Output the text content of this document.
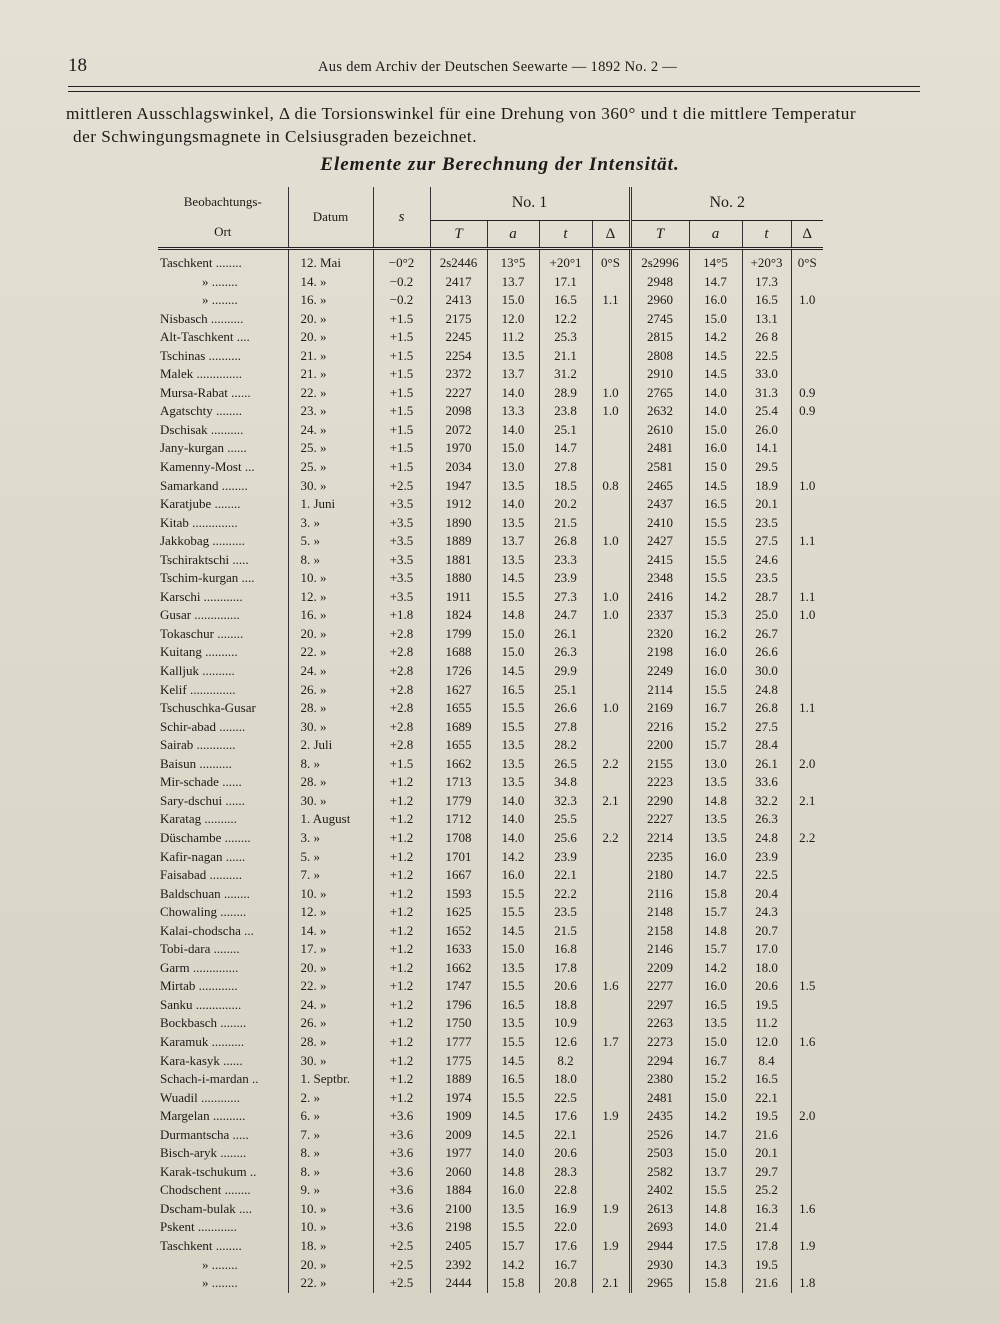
18	Aus dem Archiv der Deutschen Seewarte — 1892 No. 2 —

mittleren Ausschlagswinkel, Δ die Torsionswinkel für eine Drehung von 360° und t die mittlere Temperatur

der Schwingungsmagnete in Celsiusgraden bezeichnet.

Elemente zur Berechnung der Intensität.
Beobachtungs-
Ort	Datum	s	No. 1				No. 2			
			T	a	t	Δ	T	a	t	Δ
Taschkent ........	12. Mai	−0°2	2s2446	13°5	+20°1	0°S	2s2996	14°5	+20°3	0°S
» ........	14. »	−0.2	2417	13.7	17.1		2948	14.7	17.3	
» ........	16. »	−0.2	2413	15.0	16.5	1.1	2960	16.0	16.5	1.0
Nisbasch ..........	20. »	+1.5	2175	12.0	12.2		2745	15.0	13.1	
Alt-Taschkent ....	20. »	+1.5	2245	11.2	25.3		2815	14.2	26 8	
Tschinas ..........	21. »	+1.5	2254	13.5	21.1		2808	14.5	22.5	
Malek ..............	21. »	+1.5	2372	13.7	31.2		2910	14.5	33.0	
Mursa-Rabat ......	22. »	+1.5	2227	14.0	28.9	1.0	2765	14.0	31.3	0.9
Agatschty ........	23. »	+1.5	2098	13.3	23.8	1.0	2632	14.0	25.4	0.9
Dschisak ..........	24. »	+1.5	2072	14.0	25.1		2610	15.0	26.0	
Jany-kurgan ......	25. »	+1.5	1970	15.0	14.7		2481	16.0	14.1	
Kamenny-Most ...	25. »	+1.5	2034	13.0	27.8		2581	15 0	29.5	
Samarkand ........	30. »	+2.5	1947	13.5	18.5	0.8	2465	14.5	18.9	1.0
Karatjube ........	1. Juni	+3.5	1912	14.0	20.2		2437	16.5	20.1	
Kitab ..............	3. »	+3.5	1890	13.5	21.5		2410	15.5	23.5	
Jakkobag ..........	5. »	+3.5	1889	13.7	26.8	1.0	2427	15.5	27.5	1.1
Tschiraktschi .....	8. »	+3.5	1881	13.5	23.3		2415	15.5	24.6	
Tschim-kurgan ....	10. »	+3.5	1880	14.5	23.9		2348	15.5	23.5	
Karschi ............	12. »	+3.5	1911	15.5	27.3	1.0	2416	14.2	28.7	1.1
Gusar ..............	16. »	+1.8	1824	14.8	24.7	1.0	2337	15.3	25.0	1.0
Tokaschur ........	20. »	+2.8	1799	15.0	26.1		2320	16.2	26.7	
Kuitang ..........	22. »	+2.8	1688	15.0	26.3		2198	16.0	26.6	
Kalljuk ..........	24. »	+2.8	1726	14.5	29.9		2249	16.0	30.0	
Kelif ..............	26. »	+2.8	1627	16.5	25.1		2114	15.5	24.8	
Tschuschka-Gusar	28. »	+2.8	1655	15.5	26.6	1.0	2169	16.7	26.8	1.1
Schir-abad ........	30. »	+2.8	1689	15.5	27.8		2216	15.2	27.5	
Sairab ............	2. Juli	+2.8	1655	13.5	28.2		2200	15.7	28.4	
Baisun ..........	8. »	+1.5	1662	13.5	26.5	2.2	2155	13.0	26.1	2.0
Mir-schade ......	28. »	+1.2	1713	13.5	34.8		2223	13.5	33.6	
Sary-dschui ......	30. »	+1.2	1779	14.0	32.3	2.1	2290	14.8	32.2	2.1
Karatag ..........	1. August	+1.2	1712	14.0	25.5		2227	13.5	26.3	
Düschambe ........	3. »	+1.2	1708	14.0	25.6	2.2	2214	13.5	24.8	2.2
Kafir-nagan ......	5. »	+1.2	1701	14.2	23.9		2235	16.0	23.9	
Faisabad ..........	7. »	+1.2	1667	16.0	22.1		2180	14.7	22.5	
Baldschuan ........	10. »	+1.2	1593	15.5	22.2		2116	15.8	20.4	
Chowaling ........	12. »	+1.2	1625	15.5	23.5		2148	15.7	24.3	
Kalai-chodscha ...	14. »	+1.2	1652	14.5	21.5		2158	14.8	20.7	
Tobi-dara ........	17. »	+1.2	1633	15.0	16.8		2146	15.7	17.0	
Garm ..............	20. »	+1.2	1662	13.5	17.8		2209	14.2	18.0	
Mirtab ............	22. »	+1.2	1747	15.5	20.6	1.6	2277	16.0	20.6	1.5
Sanku ..............	24. »	+1.2	1796	16.5	18.8		2297	16.5	19.5	
Bockbasch ........	26. »	+1.2	1750	13.5	10.9		2263	13.5	11.2	
Karamuk ..........	28. »	+1.2	1777	15.5	12.6	1.7	2273	15.0	12.0	1.6
Kara-kasyk ......	30. »	+1.2	1775	14.5	8.2		2294	16.7	8.4	
Schach-i-mardan ..	1. Septbr.	+1.2	1889	16.5	18.0		2380	15.2	16.5	
Wuadil ............	2. »	+1.2	1974	15.5	22.5		2481	15.0	22.1	
Margelan ..........	6. »	+3.6	1909	14.5	17.6	1.9	2435	14.2	19.5	2.0
Durmantscha .....	7. »	+3.6	2009	14.5	22.1		2526	14.7	21.6	
Bisch-aryk ........	8. »	+3.6	1977	14.0	20.6		2503	15.0	20.1	
Karak-tschukum ..	8. »	+3.6	2060	14.8	28.3		2582	13.7	29.7	
Chodschent ........	9. »	+3.6	1884	16.0	22.8		2402	15.5	25.2	
Dscham-bulak ....	10. »	+3.6	2100	13.5	16.9	1.9	2613	14.8	16.3	1.6
Pskent ............	10. »	+3.6	2198	15.5	22.0		2693	14.0	21.4	
Taschkent ........	18. »	+2.5	2405	15.7	17.6	1.9	2944	17.5	17.8	1.9
» ........	20. »	+2.5	2392	14.2	16.7		2930	14.3	19.5	
» ........	22. »	+2.5	2444	15.8	20.8	2.1	2965	15.8	21.6	1.8
